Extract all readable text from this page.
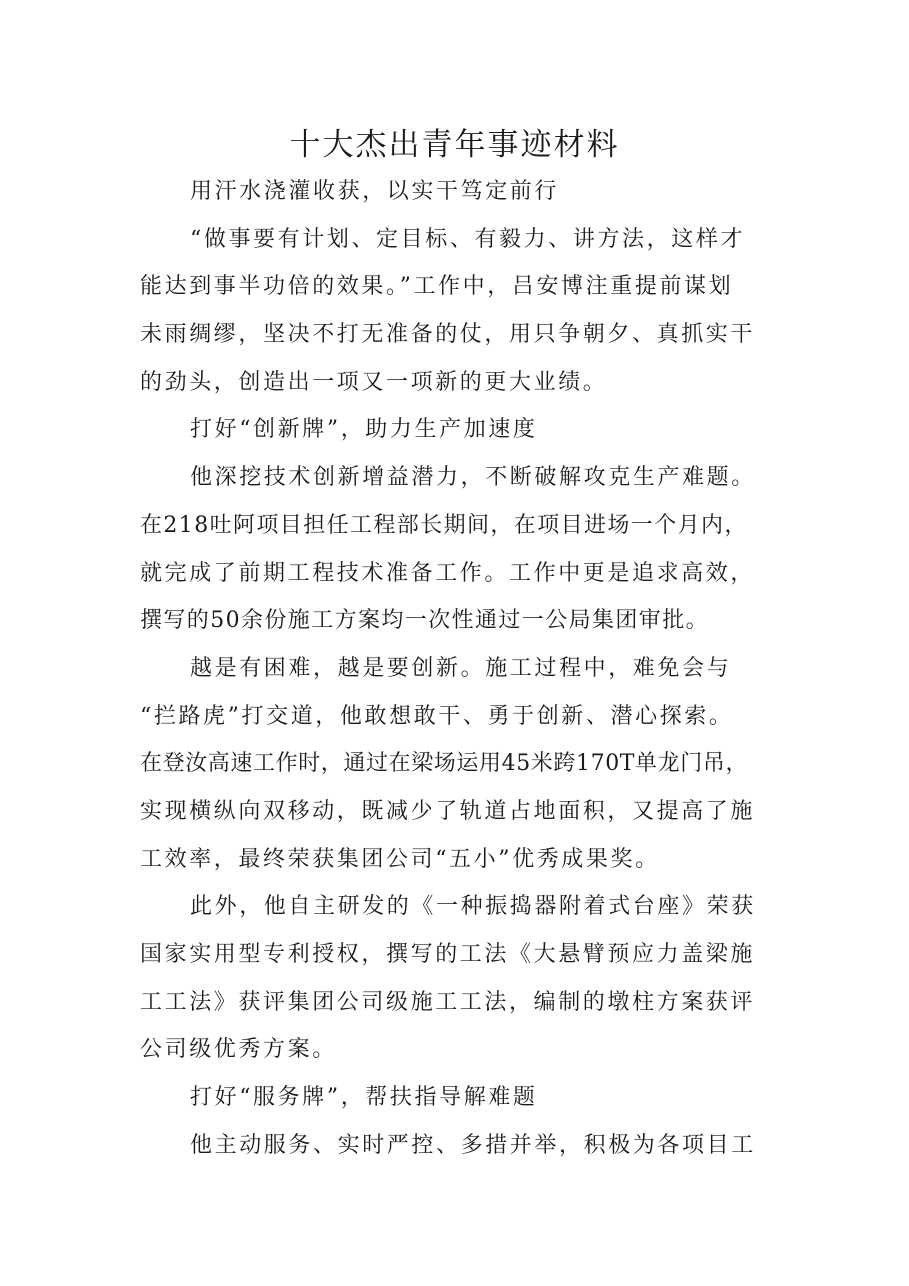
十大杰出青年事迹材料
用汗水浇灌收获，以实干笃定前行
“做事要有计划、定目标、有毅力、讲方法，这样才
能达到事半功倍的效果。”工作中，吕安博注重提前谋划
未雨绸缪，坚决不打无准备的仗，用只争朝夕、真抓实干
的劲头，创造出一项又一项新的更大业绩。
打好“创新牌”，助力生产加速度
他深挖技术创新增益潜力，不断破解攻克生产难题。
在218吐阿项目担任工程部长期间，在项目进场一个月内，
就完成了前期工程技术准备工作。工作中更是追求高效，
撰写的50余份施工方案均一次性通过一公局集团审批。
越是有困难，越是要创新。施工过程中，难免会与
“拦路虎”打交道，他敢想敢干、勇于创新、潜心探索。
在登汝高速工作时，通过在梁场运用45米跨170T单龙门吊，
实现横纵向双移动，既减少了轨道占地面积，又提高了施
工效率，最终荣获集团公司“五小”优秀成果奖。
此外，他自主研发的《一种振捣器附着式台座》荣获
国家实用型专利授权，撰写的工法《大悬臂预应力盖梁施
工工法》获评集团公司级施工工法，编制的墩柱方案获评
公司级优秀方案。
打好“服务牌”，帮扶指导解难题
他主动服务、实时严控、多措并举，积极为各项目工
